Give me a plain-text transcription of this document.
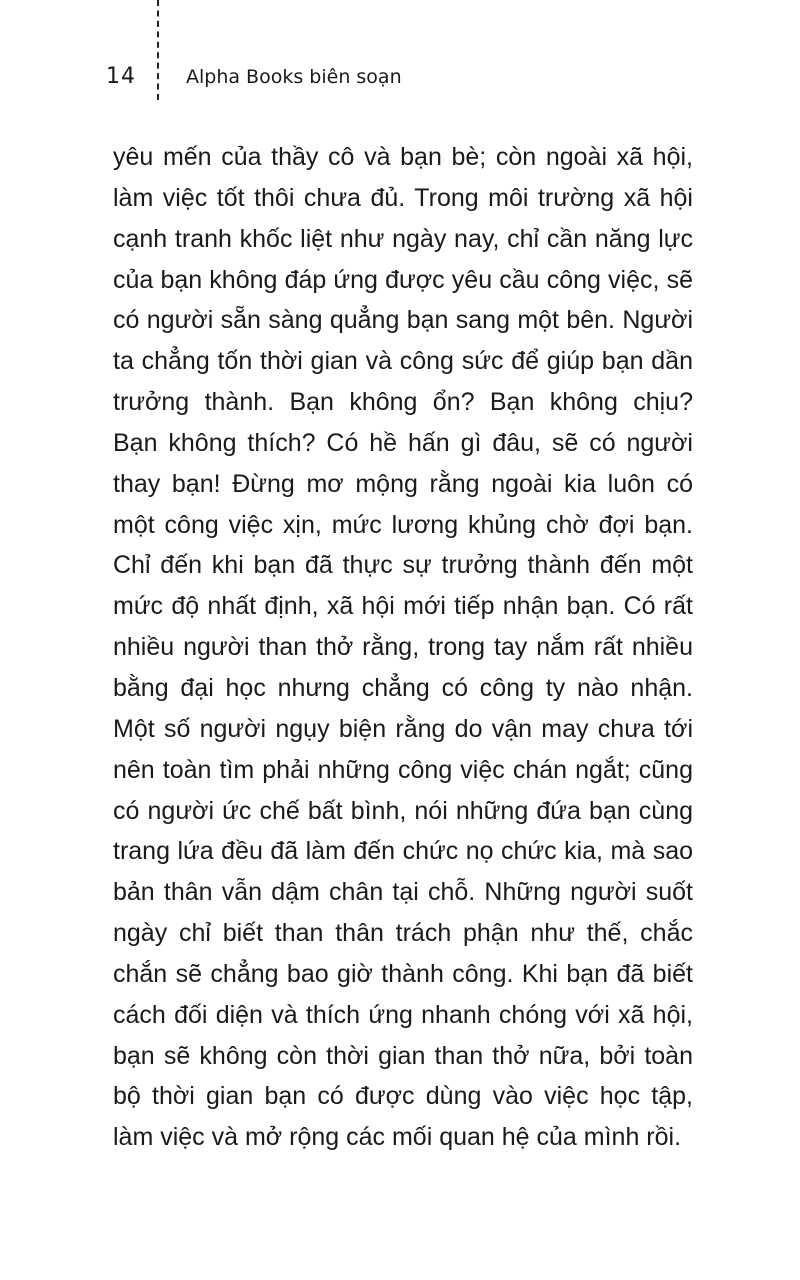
14	Alpha Books biên soạn
yêu mến của thầy cô và bạn bè; còn ngoài xã hội,
làm việc tốt thôi chưa đủ. Trong môi trường xã hội
cạnh tranh khốc liệt như ngày nay, chỉ cần năng lực
của bạn không đáp ứng được yêu cầu công việc, sẽ
có người sẵn sàng quẳng bạn sang một bên. Người
ta chẳng tốn thời gian và công sức để giúp bạn dần
trưởng thành. Bạn không ổn? Bạn không chịu?
Bạn không thích? Có hề hấn gì đâu, sẽ có người
thay bạn! Đừng mơ mộng rằng ngoài kia luôn có
một công việc xịn, mức lương khủng chờ đợi bạn.
Chỉ đến khi bạn đã thực sự trưởng thành đến một
mức độ nhất định, xã hội mới tiếp nhận bạn. Có rất
nhiều người than thở rằng, trong tay nắm rất nhiều
bằng đại học nhưng chẳng có công ty nào nhận.
Một số người ngụy biện rằng do vận may chưa tới
nên toàn tìm phải những công việc chán ngắt; cũng
có người ức chế bất bình, nói những đứa bạn cùng
trang lứa đều đã làm đến chức nọ chức kia, mà sao
bản thân vẫn dậm chân tại chỗ. Những người suốt
ngày chỉ biết than thân trách phận như thế, chắc
chắn sẽ chẳng bao giờ thành công. Khi bạn đã biết
cách đối diện và thích ứng nhanh chóng với xã hội,
bạn sẽ không còn thời gian than thở nữa, bởi toàn
bộ thời gian bạn có được dùng vào việc học tập,
làm việc và mở rộng các mối quan hệ của mình rồi.
